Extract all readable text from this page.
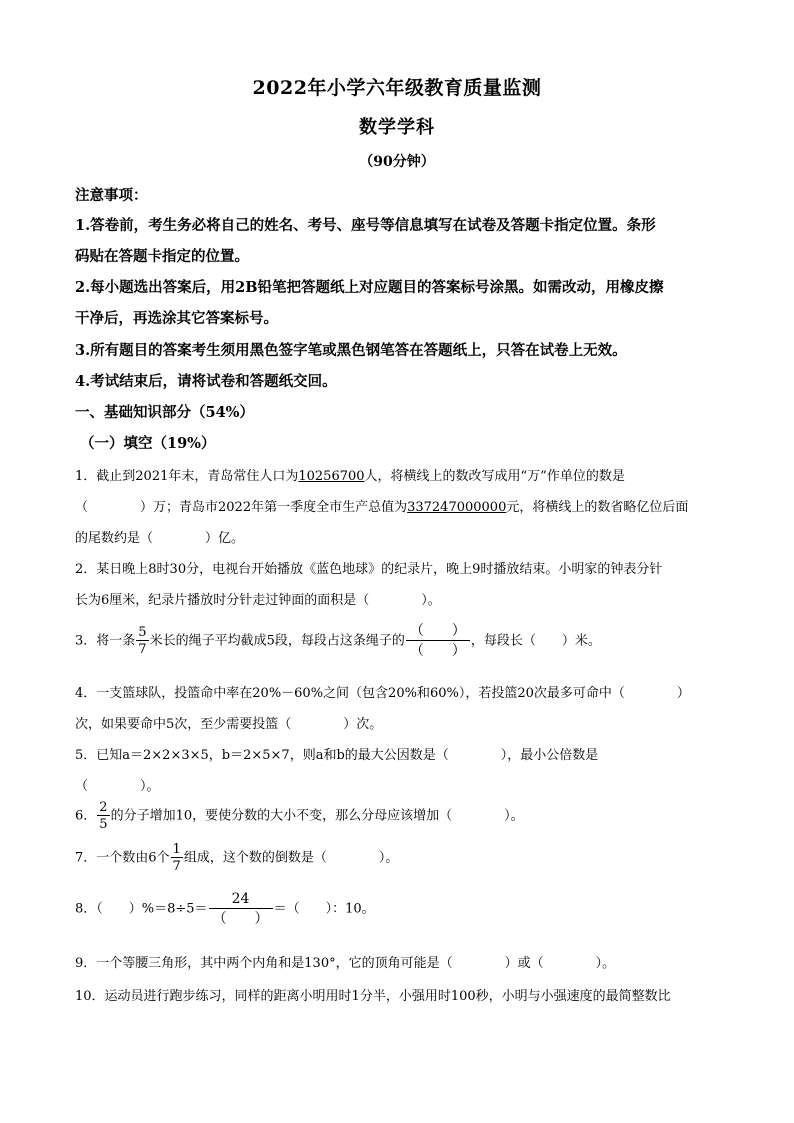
2022年小学六年级教育质量监测
数学学科
（90分钟）
注意事项：
1.答卷前，考生务必将自己的姓名、考号、座号等信息填写在试卷及答题卡指定位置。条形
码贴在答题卡指定的位置。
2.每小题选出答案后，用2B铅笔把答题纸上对应题目的答案标号涂黑。如需改动，用橡皮擦
干净后，再选涂其它答案标号。
3.所有题目的答案考生须用黑色签字笔或黑色钢笔答在答题纸上，只答在试卷上无效。
4.考试结束后，请将试卷和答题纸交回。
一、基础知识部分（54%）
（一）填空（19%）
1．截止到2021年末，青岛常住人口为10256700人，将横线上的数改写成用“万”作单位的数是
（　　　　）万；青岛市2022年第一季度全市生产总值为337247000000元，将横线上的数省略亿位后面
的尾数约是（　　　　）亿。
2．某日晚上8时30分，电视台开始播放《蓝色地球》的纪录片，晚上9时播放结束。小明家的钟表分针
长为6厘米，纪录片播放时分针走过钟面的面积是（　　　　）。
3．将一条 $\frac{5}{7}$ 米长的绳子平均截成5段，每段占这条绳子的 $\frac{( )}{( )}$ ，每段长（　　）米。
4．一支篮球队，投篮命中率在20%－60%之间（包含20%和60%），若投篮20次最多可命中（　　　　）
次，如果要命中5次，至少需要投篮（　　　　）次。
5．已知a＝2×2×3×5，b＝2×5×7，则a和b的最大公因数是（　　　　），最小公倍数是
（　　　　）。
6． $\frac{2}{5}$ 的分子增加10，要使分数的大小不变，那么分母应该增加（　　　　）。
7．一个数由6个 $\frac{1}{7}$ 组成，这个数的倒数是（　　　　）。
8．（　　）$\%=8\div 5= \frac{24}{( )}$ ＝（　　）：10。
9．一个等腰三角形，其中两个内角和是130°，它的顶角可能是（　　　　）或（　　　　）。
10．运动员进行跑步练习，同样的距离小明用时1分半，小强用时100秒，小明与小强速度的最简整数比
